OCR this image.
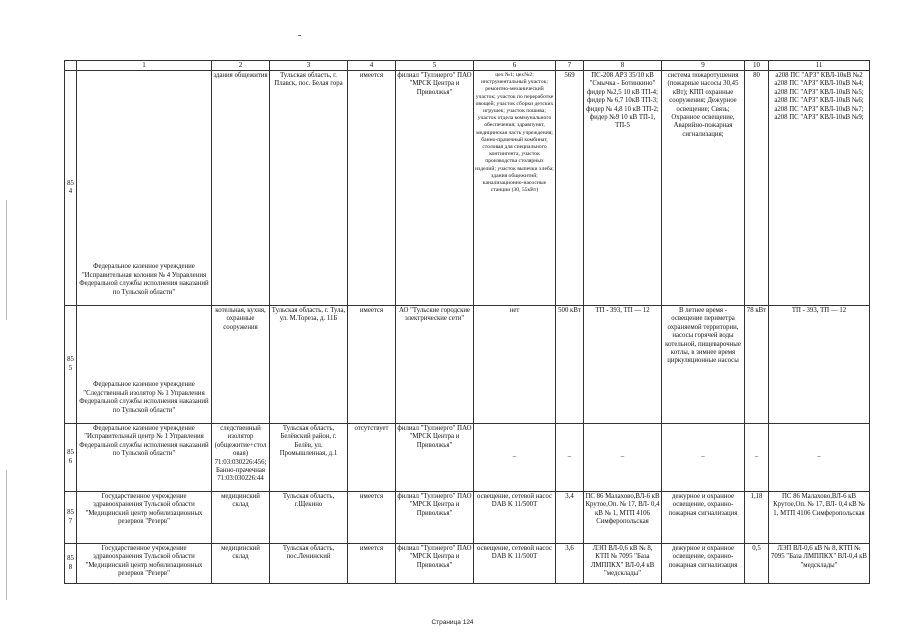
	1	2	3	4	5	6	7	8	9	10	11
854	Федеральное казенное учреждение "Исправительная колония № 4 Управления Федеральной службы исполнения наказаний по Тульской области"	здания общежития	Тульская область, г. Плавск, пос. Белая гора	имеется	филиал "Тулэнерго" ПАО "МРСК Центра и Приволжья"	цех №1; цех№2; инструментальный участок; ремонтно-механический участок; участок по переработке овощей; участок сборки детских игрушек; участок пошива; участок отдела коммунального обеспечения; здравпункт, медицинская часть учреждения; банно-прачечный комбинат, столовая для специального контингента, участок производства столярных изделий; участок выпечки хлеба; здания общежитий; канализационно-насосные станции (30, 55кВт)	569	ПС-208 АРЗ 35/10 кВ "Смычка - Ботинкино" фидер №2,5 10 кВ ТП-4; фидер № 6,7 10кВ ТП-3; фидер № 4,8 10 кВ ТП-2; фидер №9 10 кВ ТП-1, ТП-5	система пожаротушения (пожарные насосы 30,45 кВт); КПП охранные сооружения; Дежурное освещение; Связь; Охранное освещение, Аварийно-пожарная сигнализация;	80	а208 ПС "АРЗ" КВЛ-10кВ №2 а208 ПС "АРЗ" КВЛ-10кВ №4; а208 ПС "АРЗ" КВЛ-10кВ №5; а208 ПС "АРЗ" КВЛ-10кВ №6; а208 ПС "АРЗ" КВЛ-10кВ №7; а208 ПС "АРЗ" КВЛ-10кВ №9;
855	Федеральное казенное учреждение "Следственный изолятор № 1 Управления Федеральной службы исполнения наказаний по Тульской области"	котельная, кухня, охранные сооружения	Тульская область, г. Тула, ул. М.Тореза, д. 11Б	имеется	АО "Тульские городские электрические сети"	нет	500 кВт	ТП - 393, ТП — 12	В летнее время - освещение периметра охраняемой территории, насосы горячей воды котельной, пищеварочные котлы, в зимнее время циркуляционные насосы	78 кВт	ТП - 393, ТП — 12
856	Федеральное казенное учреждение "Исправительный центр № 1 Управления Федеральной службы исполнения наказаний по Тульской области"	следственный изолятор (общежитие+столовая) 71:03:030226:456; Банно-прачечная 71:03:030226:44	Тульская область, Белёвский район, г. Белёв, ул. Промышленная, д.1	отсутствует	филиал "Тулэнерго" ПАО "МРСК Центра и Приволжья"	–	–	–	–	–	–
857	Государственное учреждение здравоохранения Тульской области "Медицинский центр мобилизационных резервов "Резерв"	медицинский склад	Тульская область, г.Щекино	имеется	филиал "Тулэнерго" ПАО "МРСК Центра и Приволжья"	освещение, сетевой насос DAB K 11/500T	3,4	ПС 86 Малахово,ВЛ-6 кВ Крутое,Оп. № 17, ВЛ- 0,4 кВ № 1, МТП 4106 Симферопольская	дежурное и охранное освещение, охранно-пожарная сигнализация	1,18	ПС 86 Малахово,ВЛ-6 кВ Крутое,Оп. № 17, ВЛ- 0,4 кВ № 1, МТП 4106 Симферопольская
858	Государственное учреждение здравоохранения Тульской области "Медицинский центр мобилизационных резервов "Резерв"	медицинский склад	Тульская область, пос.Ленинский	имеется	филиал "Тулэнерго" ПАО "МРСК Центра и Приволжья"	освещение, сетевой насос DAB K 11/500T	3,6	ЛЭП ВЛ-0,6 кВ № 8, КТП № 7095 "База ЛМППКХ" ВЛ-0,4 кВ "медсклады"	дежурное и охранное освещение, охранно-пожарная сигнализация	0,5	ЛЭП ВЛ-0,6 кВ № 8, КТП № 7095 "База ЛМППКХ" ВЛ-0,4 кВ "медсклады"
Страница 124
